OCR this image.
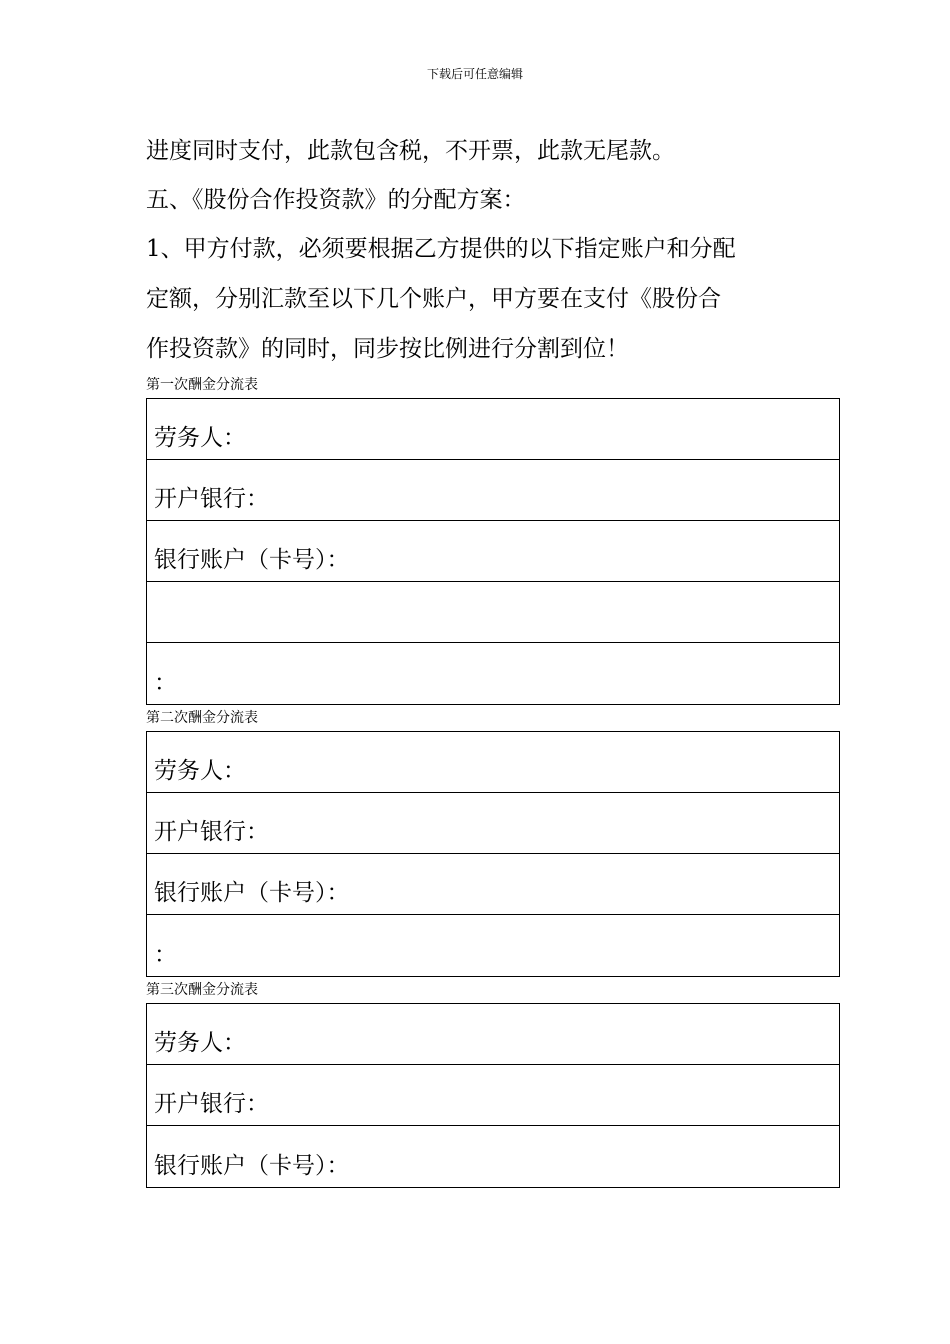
下载后可任意编辑
进度同时支付，此款包含税，不开票，此款无尾款。
五、《股份合作投资款》的分配方案：
1、甲方付款，必须要根据乙方提供的以下指定账户和分配
定额，分别汇款至以下几个账户，甲方要在支付《股份合
作投资款》的同时，同步按比例进行分割到位！
第一次酬金分流表
劳务人：
开户银行：
银行账户（卡号）：
：
第二次酬金分流表
劳务人：
开户银行：
银行账户（卡号）：
：
第三次酬金分流表
劳务人：
开户银行：
银行账户（卡号）：
